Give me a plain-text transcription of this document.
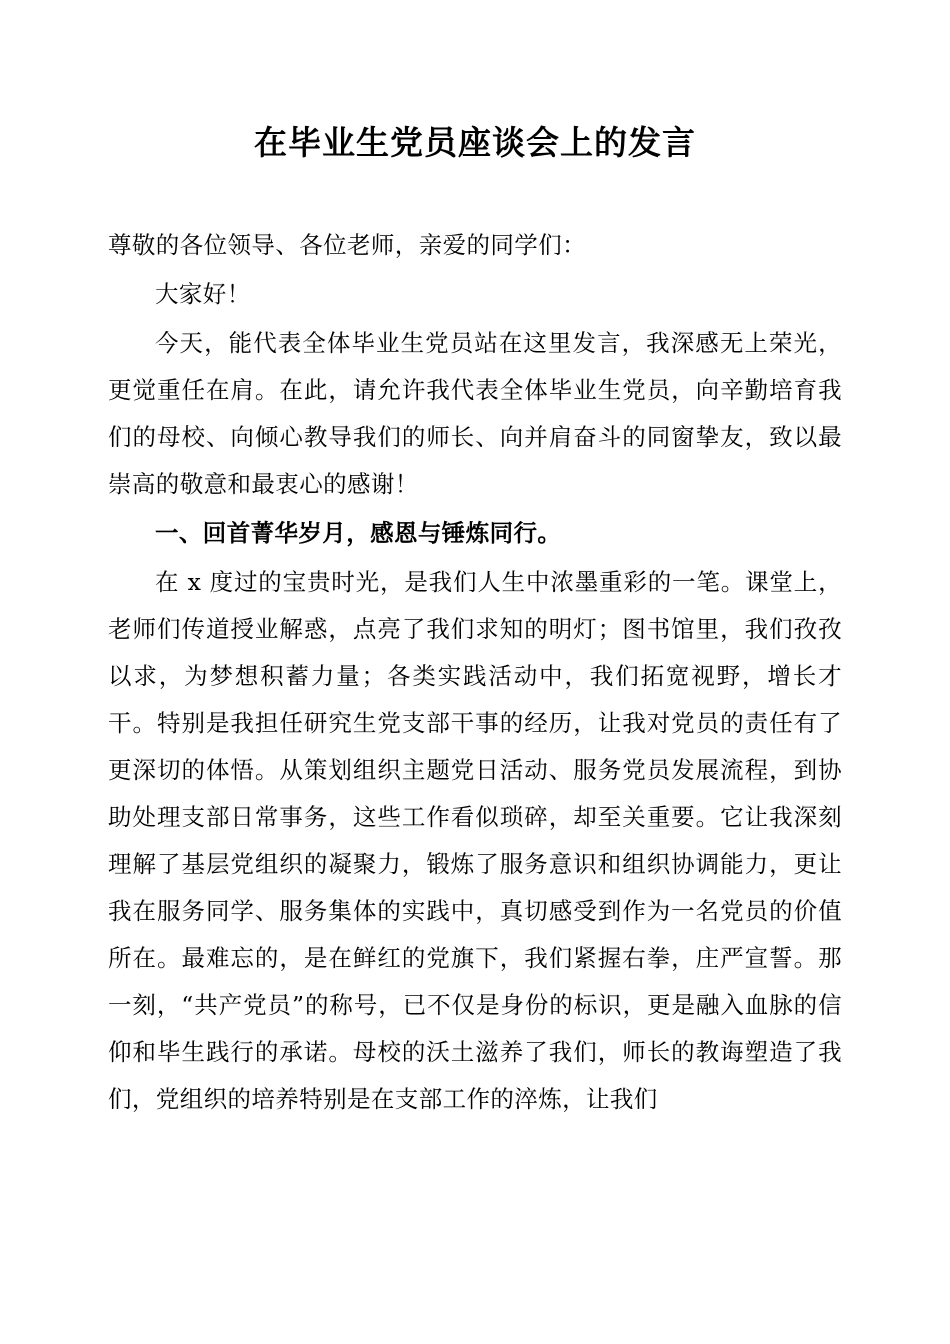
在毕业生党员座谈会上的发言

尊敬的各位领导、各位老师，亲爱的同学们：

大家好！

今天，能代表全体毕业生党员站在这里发言，我深感无上荣光，更觉重任在肩。在此，请允许我代表全体毕业生党员，向辛勤培育我们的母校、向倾心教导我们的师长、向并肩奋斗的同窗挚友，致以最崇高的敬意和最衷心的感谢！

一、回首菁华岁月，感恩与锤炼同行。

在 x 度过的宝贵时光，是我们人生中浓墨重彩的一笔。课堂上，老师们传道授业解惑，点亮了我们求知的明灯；图书馆里，我们孜孜以求，为梦想积蓄力量；各类实践活动中，我们拓宽视野，增长才干。特别是我担任研究生党支部干事的经历，让我对党员的责任有了更深切的体悟。从策划组织主题党日活动、服务党员发展流程，到协助处理支部日常事务，这些工作看似琐碎，却至关重要。它让我深刻理解了基层党组织的凝聚力，锻炼了服务意识和组织协调能力，更让我在服务同学、服务集体的实践中，真切感受到作为一名党员的价值所在。最难忘的，是在鲜红的党旗下，我们紧握右拳，庄严宣誓。那一刻，“共产党员”的称号，已不仅是身份的标识，更是融入血脉的信仰和毕生践行的承诺。母校的沃土滋养了我们，师长的教诲塑造了我们，党组织的培养特别是在支部工作的淬炼，让我们
